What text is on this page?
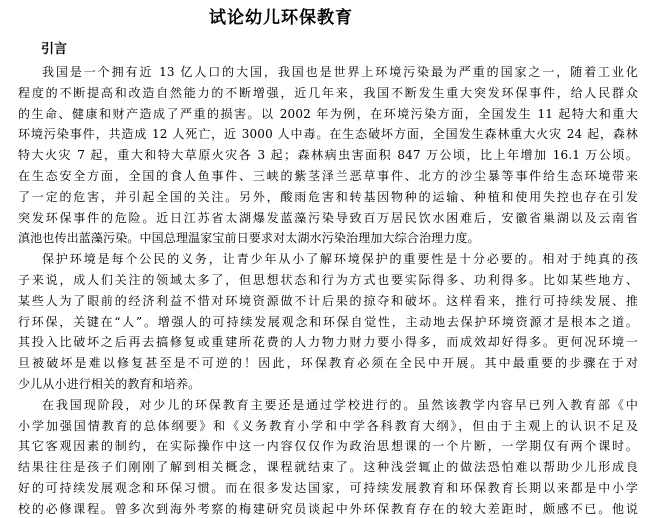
试论幼儿环保教育
引言
我国是一个拥有近 13 亿人口的大国，我国也是世界上环境污染最为严重的国家之一，随着工业化
程度的不断提高和改造自然能力的不断增强，近几年来，我国不断发生重大突发环保事件，给人民群众
的生命、健康和财产造成了严重的损害。以 2002 年为例，在环境污染方面，全国发生 11 起特大和重大
环境污染事件，共造成 12 人死亡，近 3000 人中毒。在生态破坏方面，全国发生森林重大火灾 24 起，森林
特大火灾 7 起，重大和特大草原火灾各 3 起；森林病虫害面积 847 万公顷，比上年增加 16.1 万公顷。
在生态安全方面，全国的食人鱼事件、三峡的紫茎泽兰恶草事件、北方的沙尘暴等事件给生态环境带来
了一定的危害，并引起全国的关注。另外，酸雨危害和转基因物种的运输、种植和使用失控也存在引发
突发环保事件的危险。近日江苏省太湖爆发蓝藻污染导致百万居民饮水困难后，安徽省巢湖以及云南省
滇池也传出蓝藻污染。中国总理温家宝前日要求对太湖水污染治理加大综合治理力度。
保护环境是每个公民的义务，让青少年从小了解环境保护的重要性是十分必要的。相对于纯真的孩
子来说，成人们关注的领域太多了，但思想状态和行为方式也要实际得多、功利得多。比如某些地方、
某些人为了眼前的经济利益不惜对环境资源做不计后果的掠夺和破坏。这样看来，推行可持续发展、推
行环保，关键在“人”。增强人的可持续发展观念和环保自觉性，主动地去保护环境资源才是根本之道。
其投入比破坏之后再去搞修复或重建所花费的人力物力财力要小得多，而成效却好得多。更何况环境一
旦被破坏是难以修复甚至是不可逆的！因此，环保教育必须在全民中开展。其中最重要的步骤在于对
少儿从小进行相关的教育和培养。
在我国现阶段，对少儿的环保教育主要还是通过学校进行的。虽然该教学内容早已列入教育部《中
小学加强国情教育的总体纲要》和《义务教育小学和中学各科教育大纲》，但由于主观上的认识不足及
其它客观因素的制约，在实际操作中这一内容仅仅作为政治思想课的一个片断，一学期仅有两个课时。
结果往往是孩子们刚刚了解到相关概念，课程就结束了。这种浅尝辄止的做法恐怕难以帮助少儿形成良
好的可持续发展观念和环保习惯。而在很多发达国家，可持续发展教育和环保教育长期以来都是中小学
校的必修课程。曾多次到海外考察的梅建研究员谈起中外环保教育存在的较大差距时，颇感不已。他说
